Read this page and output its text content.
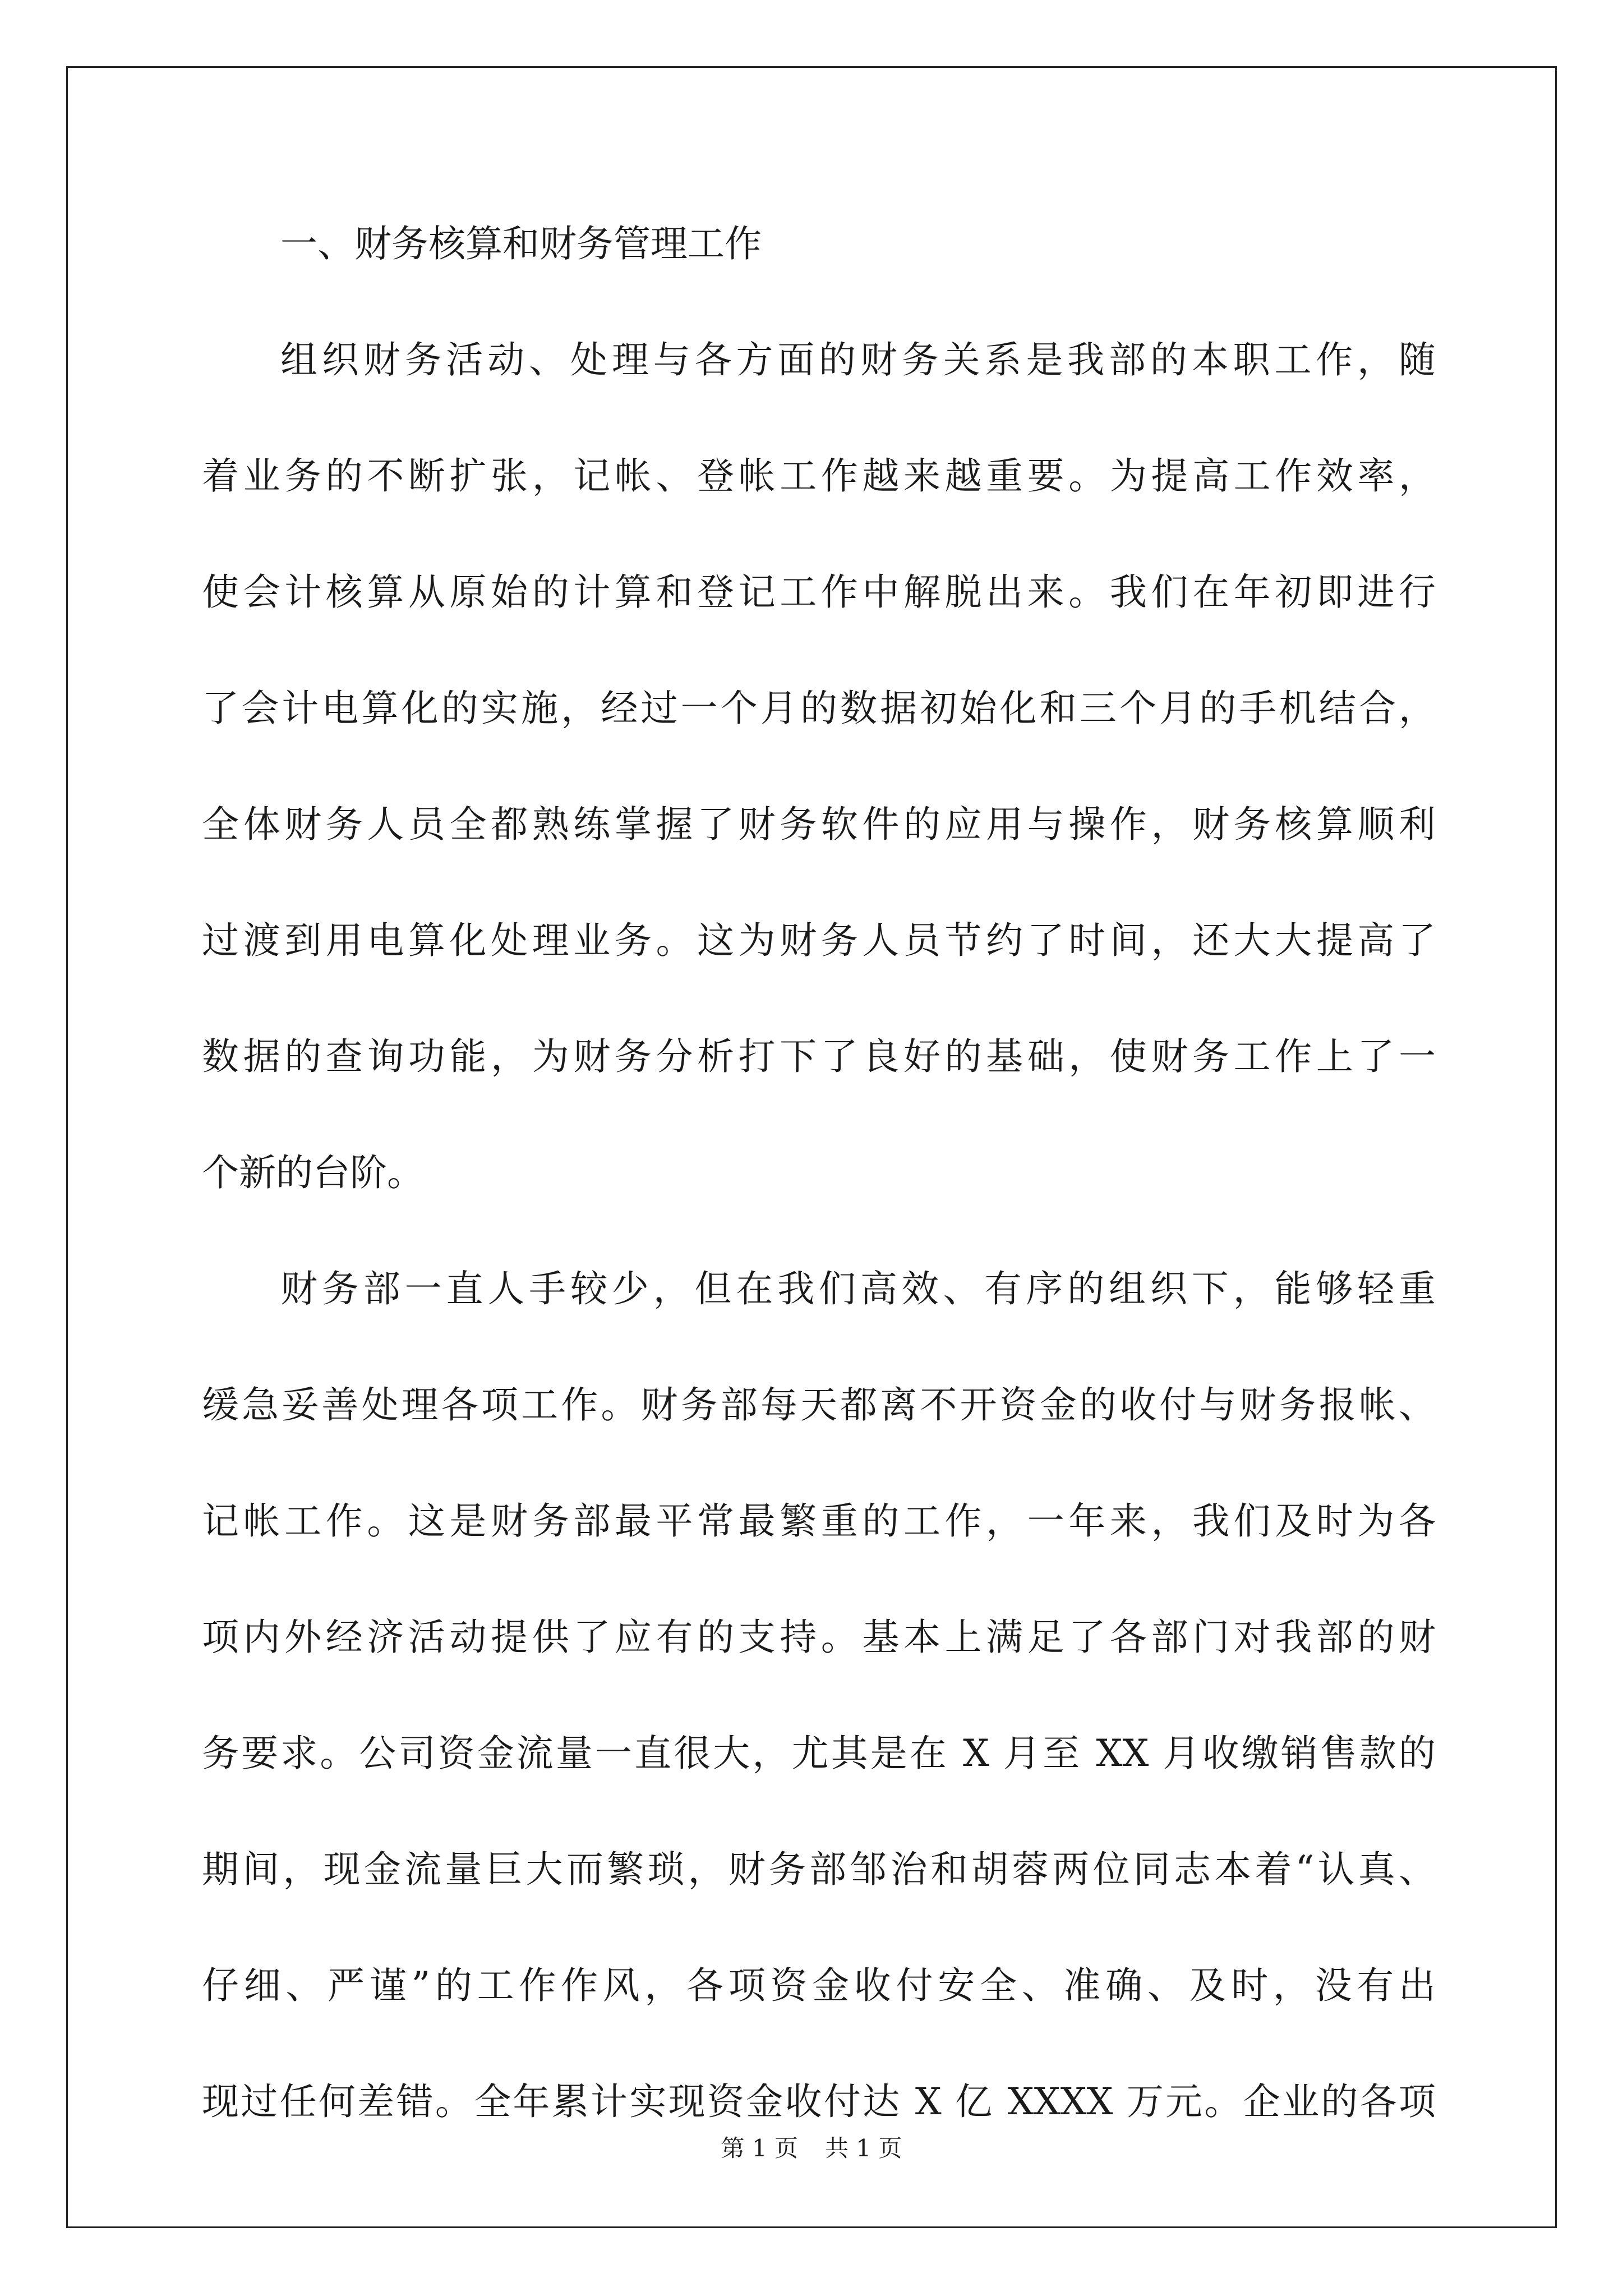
一、财务核算和财务管理工作
组织财务活动、处理与各方面的财务关系是我部的本职工作，随
着业务的不断扩张，记帐、登帐工作越来越重要。为提高工作效率，
使会计核算从原始的计算和登记工作中解脱出来。我们在年初即进行
了会计电算化的实施，经过一个月的数据初始化和三个月的手机结合，
全体财务人员全都熟练掌握了财务软件的应用与操作，财务核算顺利
过渡到用电算化处理业务。这为财务人员节约了时间，还大大提高了
数据的查询功能，为财务分析打下了良好的基础，使财务工作上了一
个新的台阶。
财务部一直人手较少，但在我们高效、有序的组织下，能够轻重
缓急妥善处理各项工作。财务部每天都离不开资金的收付与财务报帐、
记帐工作。这是财务部最平常最繁重的工作，一年来，我们及时为各
项内外经济活动提供了应有的支持。基本上满足了各部门对我部的财
务要求。公司资金流量一直很大，尤其是在 X 月至 XX 月收缴销售款的
期间，现金流量巨大而繁琐，财务部邹治和胡蓉两位同志本着“认真、
仔细、严谨”的工作作风，各项资金收付安全、准确、及时，没有出
现过任何差错。全年累计实现资金收付达 X 亿 XXXX 万元。企业的各项
第 1 页 共 1 页
